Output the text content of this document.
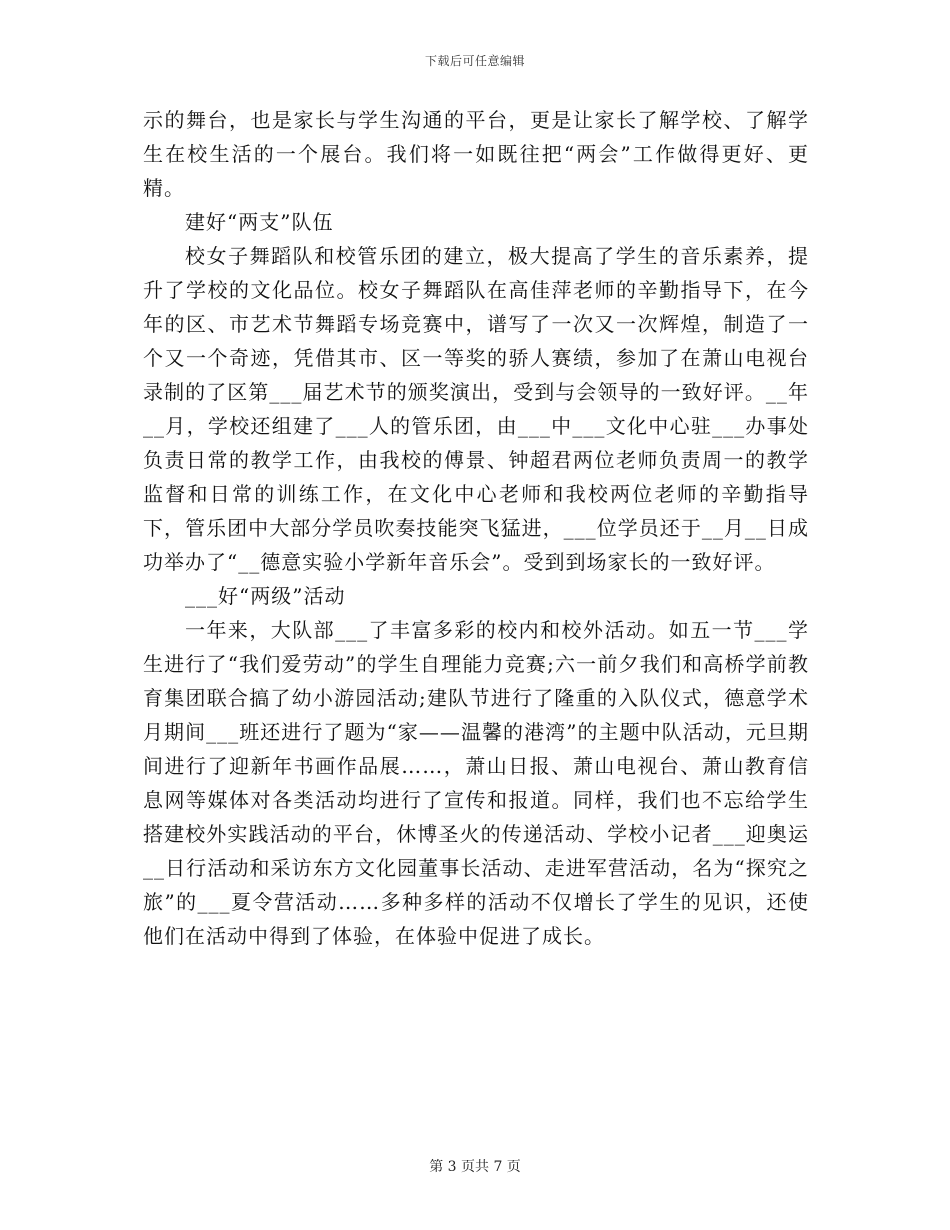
下载后可任意编辑

示的舞台，也是家长与学生沟通的平台，更是让家长了解学校、了解学生在校生活的一个展台。我们将一如既往把“两会”工作做得更好、更精。

建好“两支”队伍

校女子舞蹈队和校管乐团的建立，极大提高了学生的音乐素养，提升了学校的文化品位。校女子舞蹈队在高佳萍老师的辛勤指导下，在今年的区、市艺术节舞蹈专场竞赛中，谱写了一次又一次辉煌，制造了一个又一个奇迹，凭借其市、区一等奖的骄人赛绩，参加了在萧山电视台录制的了区第___届艺术节的颁奖演出，受到与会领导的一致好评。__年__月，学校还组建了___人的管乐团，由___中___文化中心驻___办事处负责日常的教学工作，由我校的傅景、钟超君两位老师负责周一的教学监督和日常的训练工作，在文化中心老师和我校两位老师的辛勤指导下，管乐团中大部分学员吹奏技能突飞猛进，___位学员还于__月__日成功举办了“__德意实验小学新年音乐会”。受到到场家长的一致好评。

___好“两级”活动

一年来，大队部___了丰富多彩的校内和校外活动。如五一节___学生进行了“我们爱劳动”的学生自理能力竞赛;六一前夕我们和高桥学前教育集团联合搞了幼小游园活动;建队节进行了隆重的入队仪式，德意学术月期间___班还进行了题为“家——温馨的港湾”的主题中队活动，元旦期间进行了迎新年书画作品展……，萧山日报、萧山电视台、萧山教育信息网等媒体对各类活动均进行了宣传和报道。同样，我们也不忘给学生搭建校外实践活动的平台，休博圣火的传递活动、学校小记者___迎奥运__日行活动和采访东方文化园董事长活动、走进军营活动，名为“探究之旅”的___夏令营活动……多种多样的活动不仅增长了学生的见识，还使他们在活动中得到了体验，在体验中促进了成长。

第 3 页共 7 页
